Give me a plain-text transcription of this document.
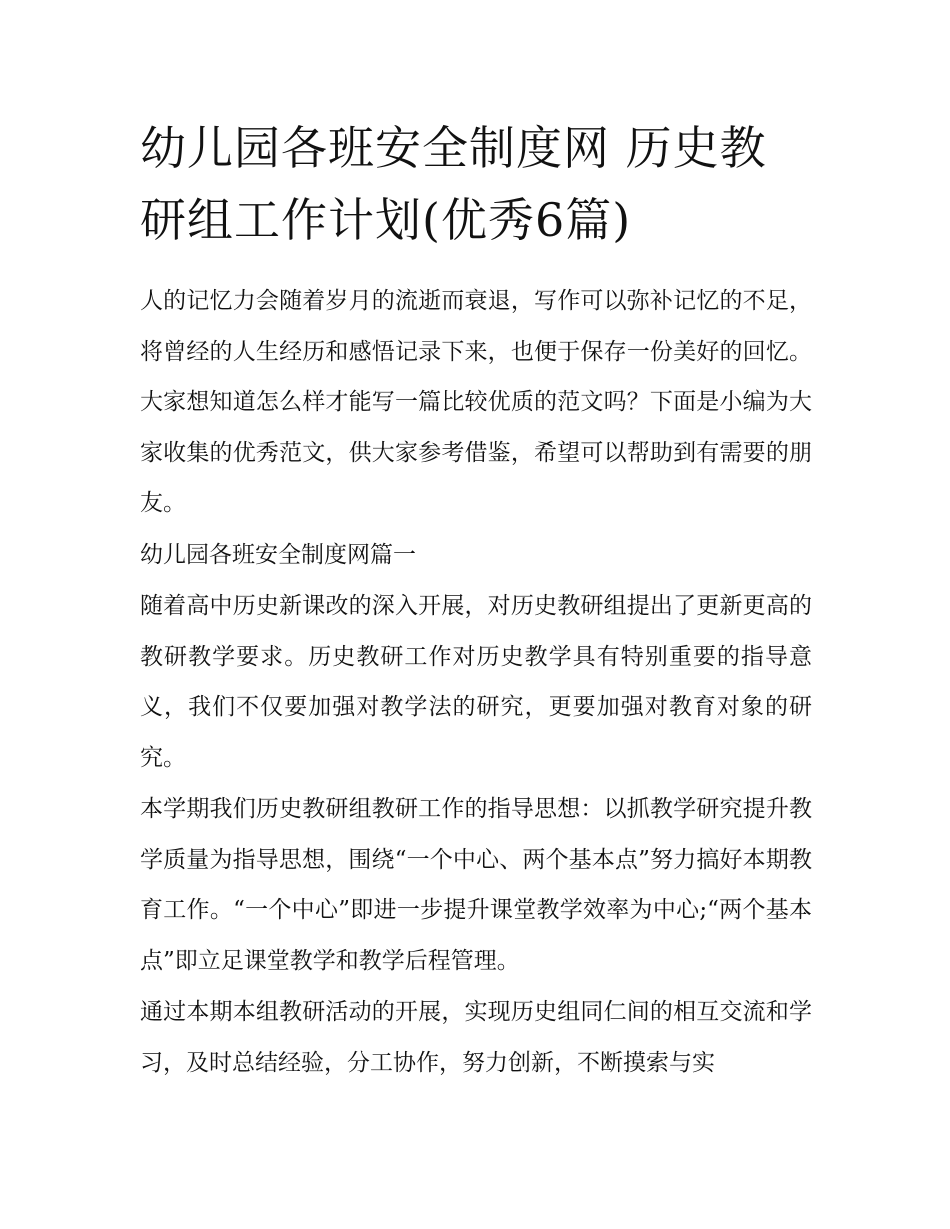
幼儿园各班安全制度网 历史教研组工作计划(优秀6篇)

人的记忆力会随着岁月的流逝而衰退，写作可以弥补记忆的不足，将曾经的人生经历和感悟记录下来，也便于保存一份美好的回忆。大家想知道怎么样才能写一篇比较优质的范文吗？下面是小编为大家收集的优秀范文，供大家参考借鉴，希望可以帮助到有需要的朋友。

幼儿园各班安全制度网篇一

随着高中历史新课改的深入开展，对历史教研组提出了更新更高的教研教学要求。历史教研工作对历史教学具有特别重要的指导意义，我们不仅要加强对教学法的研究，更要加强对教育对象的研究。

本学期我们历史教研组教研工作的指导思想：以抓教学研究提升教学质量为指导思想，围绕“一个中心、两个基本点”努力搞好本期教育工作。“一个中心”即进一步提升课堂教学效率为中心;“两个基本点”即立足课堂教学和教学后程管理。

通过本期本组教研活动的开展，实现历史组同仁间的相互交流和学习，及时总结经验，分工协作，努力创新，不断摸索与实
